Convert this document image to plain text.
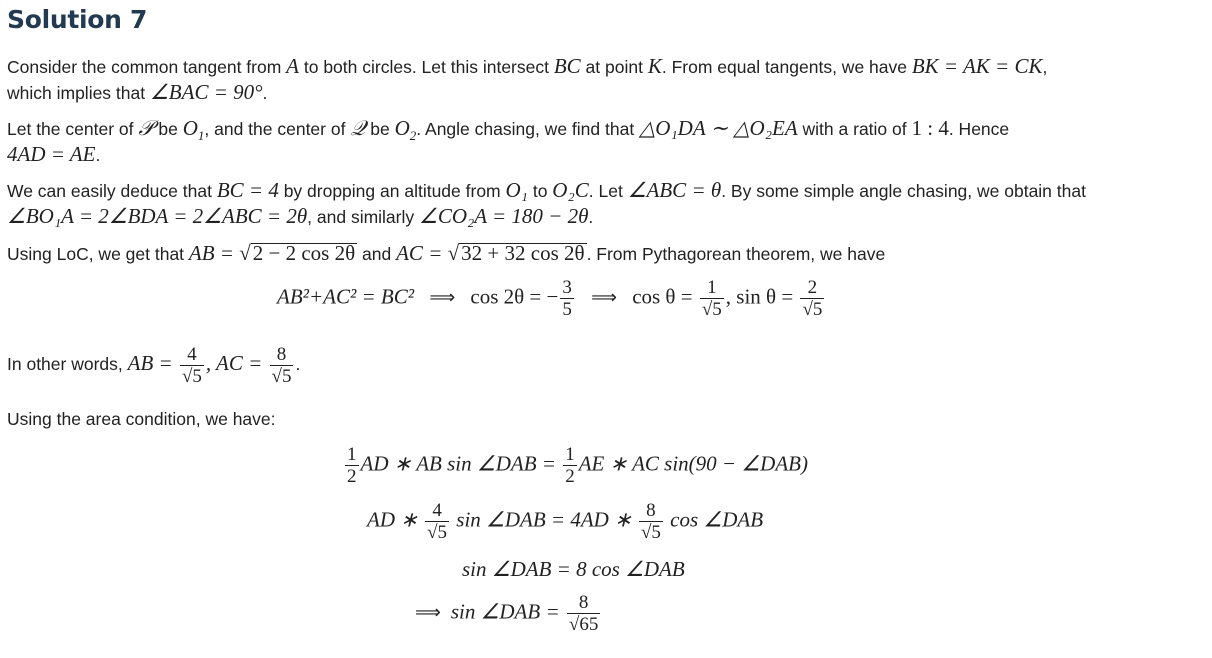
Solution 7
Consider the common tangent from A to both circles. Let this intersect BC at point K. From equal tangents, we have BK = AK = CK,
which implies that ∠BAC = 90°.
Let the center of 𝒫 be $O_1$, and the center of 𝒬 be $O_2$. Angle chasing, we find that △O₁DA ∼ △O₂EA with a ratio of 1 : 4. Hence
4AD = AE.
We can easily deduce that BC = 4 by dropping an altitude from O₁ to O₂C. Let ∠ABC = θ. By some simple angle chasing, we obtain that
∠BO₁A = 2∠BDA = 2∠ABC = 2θ, and similarly ∠CO₂A = 180 − 2θ.
Using LoC, we get that AB = √2 − 2 cos 2θ and AC = √32 + 32 cos 2θ . From Pythagorean theorem, we have
AB²+AC² = BC² ⟹ cos 2θ = − $\frac{3}{5}$ ⟹ $\cos \theta = \frac{1}{√5}$ , $\sin \theta = \frac{2}{√5}$
In other words, AB = $\frac{4}{√5}$ , AC = $\frac{8}{√5}$ .
Using the area condition, we have:
$\frac{1}{2}$ AD ∗ AB sin ∠DAB = $\frac{1}{2}$ AE ∗ AC sin(90 − ∠DAB)
AD ∗ $\frac{4}{√5}$ sin ∠DAB = 4AD ∗ $\frac{8}{√5}$ cos ∠DAB
sin ∠DAB = 8 cos ∠DAB
⟹ sin ∠DAB = $\frac{8}{√65}$
